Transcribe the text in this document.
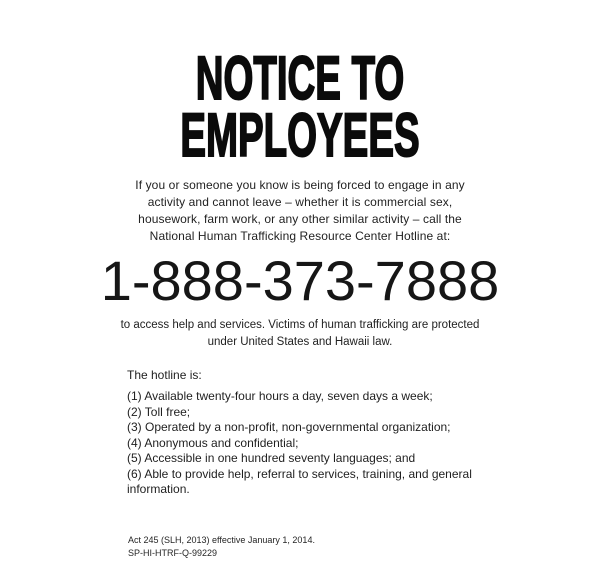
NOTICE TO
EMPLOYEES
If you or someone you know is being forced to engage in any
activity and cannot leave – whether it is commercial sex,
housework, farm work, or any other similar activity – call the
National Human Trafficking Resource Center Hotline at:
1-888-373-7888
to access help and services. Victims of human trafficking are protected
under United States and Hawaii law.
The hotline is:
(1) Available twenty-four hours a day, seven days a week;
(2) Toll free;
(3) Operated by a non-profit, non-governmental organization;
(4) Anonymous and confidential;
(5) Accessible in one hundred seventy languages; and
(6) Able to provide help, referral to services, training, and general information.
Act 245 (SLH, 2013) effective January 1, 2014.
SP-HI-HTRF-Q-99229
